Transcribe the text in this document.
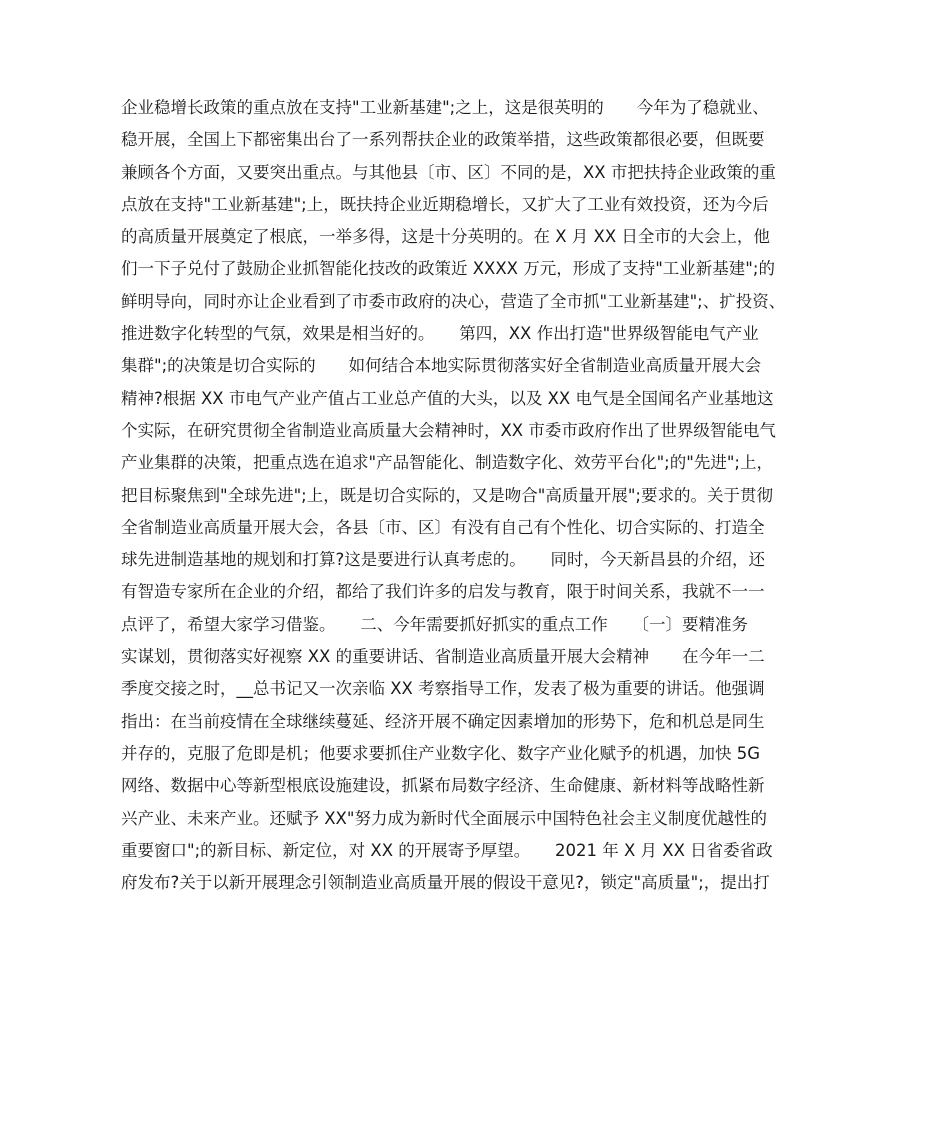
企业稳增长政策的重点放在支持"工业新基建";之上，这是很英明的　　今年为了稳就业、
稳开展，全国上下都密集出台了一系列帮扶企业的政策举措，这些政策都很必要，但既要
兼顾各个方面，又要突出重点。与其他县〔市、区〕不同的是，XX 市把扶持企业政策的重
点放在支持"工业新基建";上，既扶持企业近期稳增长，又扩大了工业有效投资，还为今后
的高质量开展奠定了根底，一举多得，这是十分英明的。在 X 月 XX 日全市的大会上，他
们一下子兑付了鼓励企业抓智能化技改的政策近 XXXX 万元，形成了支持"工业新基建";的
鲜明导向，同时亦让企业看到了市委市政府的决心，营造了全市抓"工业新基建";、扩投资、
推进数字化转型的气氛，效果是相当好的。　　第四，XX 作出打造"世界级智能电气产业
集群";的决策是切合实际的　　如何结合本地实际贯彻落实好全省制造业高质量开展大会
精神?根据 XX 市电气产业产值占工业总产值的大头，以及 XX 电气是全国闻名产业基地这
个实际，在研究贯彻全省制造业高质量大会精神时，XX 市委市政府作出了世界级智能电气
产业集群的决策，把重点选在追求"产品智能化、制造数字化、效劳平台化";的"先进";上，
把目标聚焦到"全球先进";上，既是切合实际的，又是吻合"高质量开展";要求的。关于贯彻
全省制造业高质量开展大会，各县〔市、区〕有没有自己有个性化、切合实际的、打造全
球先进制造基地的规划和打算?这是要进行认真考虑的。　　同时，今天新昌县的介绍，还
有智造专家所在企业的介绍，都给了我们许多的启发与教育，限于时间关系，我就不一一
点评了，希望大家学习借鉴。　　二、今年需要抓好抓实的重点工作　　〔一〕要精准务
实谋划，贯彻落实好视察 XX 的重要讲话、省制造业高质量开展大会精神　　在今年一二
季度交接之时，__总书记又一次亲临 XX 考察指导工作，发表了极为重要的讲话。他强调
指出：在当前疫情在全球继续蔓延、经济开展不确定因素增加的形势下，危和机总是同生
并存的，克服了危即是机；他要求要抓住产业数字化、数字产业化赋予的机遇，加快 5G
网络、数据中心等新型根底设施建设，抓紧布局数字经济、生命健康、新材料等战略性新
兴产业、未来产业。还赋予 XX"努力成为新时代全面展示中国特色社会主义制度优越性的
重要窗口";的新目标、新定位，对 XX 的开展寄予厚望。　　2021 年 X 月 XX 日省委省政
府发布?关于以新开展理念引领制造业高质量开展的假设干意见?，锁定"高质量";，提出打
